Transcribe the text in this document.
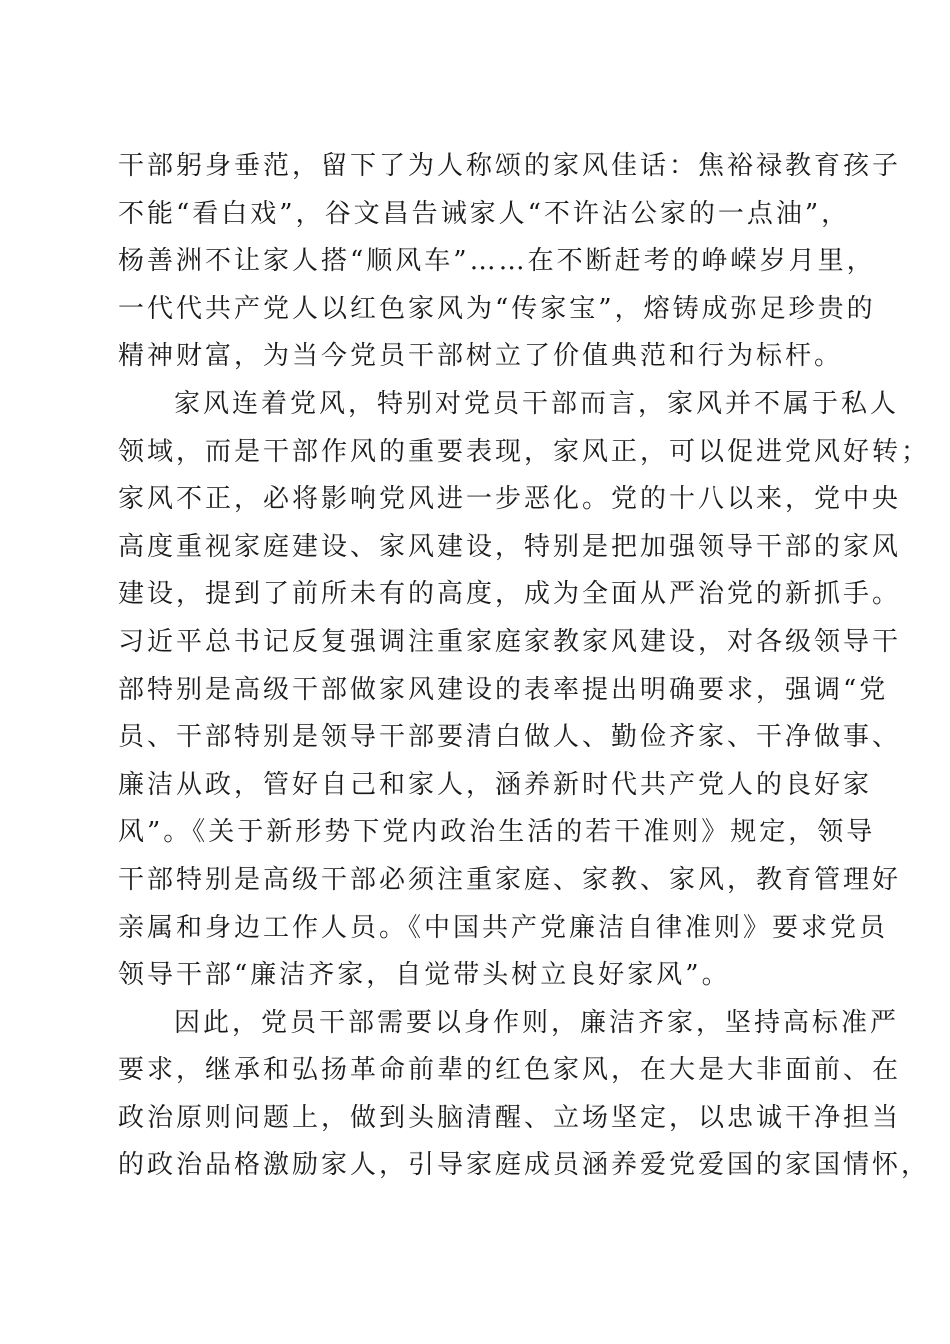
干部躬身垂范，留下了为人称颂的家风佳话：焦裕禄教育孩子
不能“看白戏”，谷文昌告诫家人“不许沾公家的一点油”，
杨善洲不让家人搭“顺风车”……在不断赶考的峥嵘岁月里，
一代代共产党人以红色家风为“传家宝”，熔铸成弥足珍贵的
精神财富，为当今党员干部树立了价值典范和行为标杆。
家风连着党风，特别对党员干部而言，家风并不属于私人
领域，而是干部作风的重要表现，家风正，可以促进党风好转；
家风不正，必将影响党风进一步恶化。党的十八以来，党中央
高度重视家庭建设、家风建设，特别是把加强领导干部的家风
建设，提到了前所未有的高度，成为全面从严治党的新抓手。
习近平总书记反复强调注重家庭家教家风建设，对各级领导干
部特别是高级干部做家风建设的表率提出明确要求，强调“党
员、干部特别是领导干部要清白做人、勤俭齐家、干净做事、
廉洁从政，管好自己和家人，涵养新时代共产党人的良好家
风”。《关于新形势下党内政治生活的若干准则》规定，领导
干部特别是高级干部必须注重家庭、家教、家风，教育管理好
亲属和身边工作人员。《中国共产党廉洁自律准则》要求党员
领导干部“廉洁齐家，自觉带头树立良好家风”。
因此，党员干部需要以身作则，廉洁齐家，坚持高标准严
要求，继承和弘扬革命前辈的红色家风，在大是大非面前、在
政治原则问题上，做到头脑清醒、立场坚定，以忠诚干净担当
的政治品格激励家人，引导家庭成员涵养爱党爱国的家国情怀，
